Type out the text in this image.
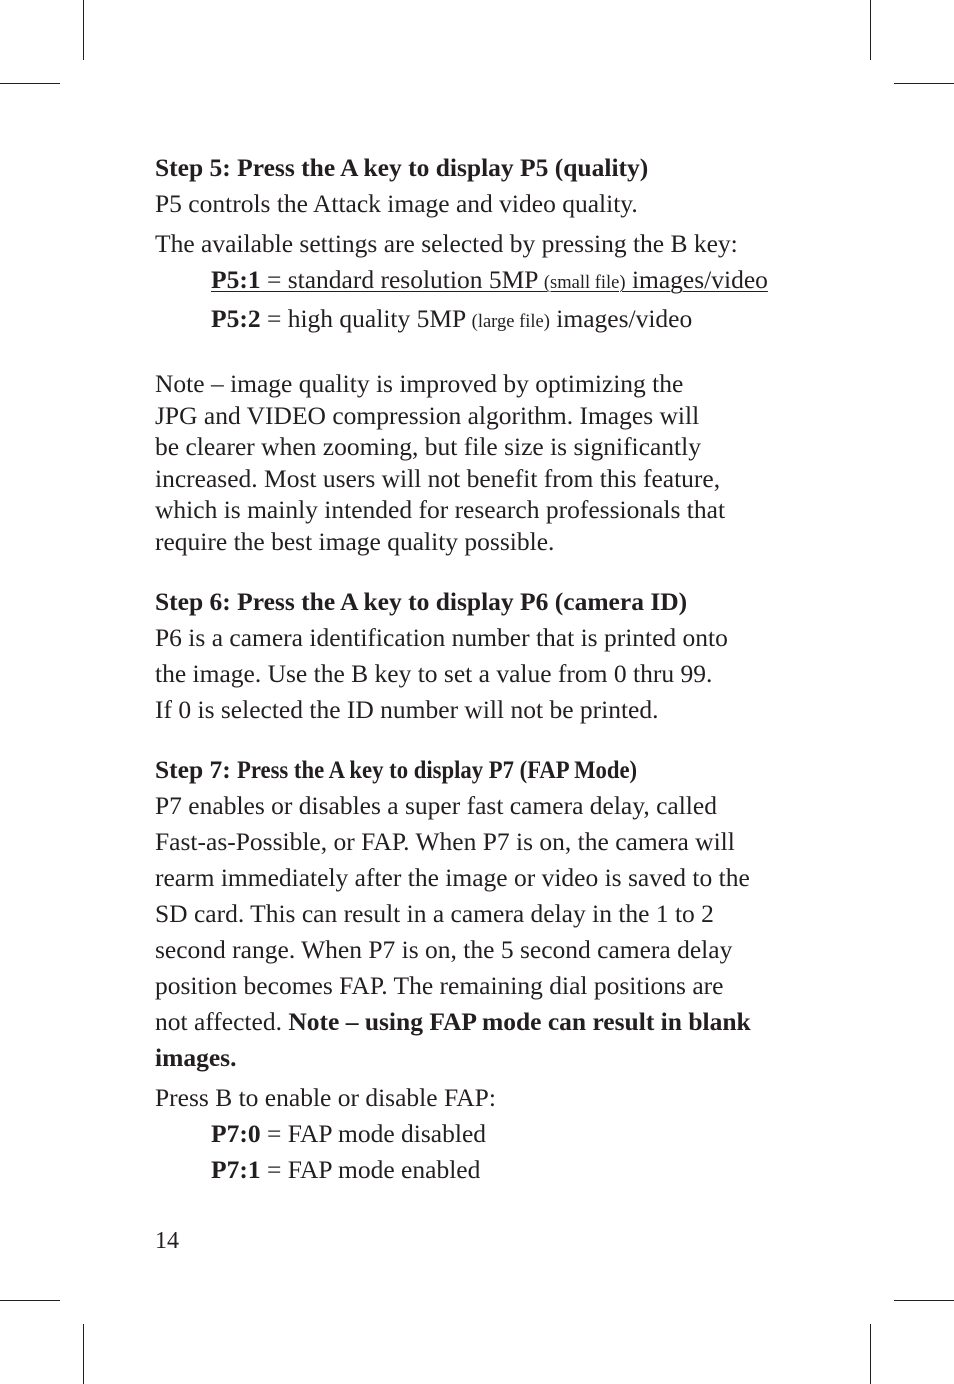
Step 5: Press the A key to display P5 (quality)

P5 controls the Attack image and video quality.

The available settings are selected by pressing the B key:

P5:1 = standard resolution 5MP (small file) images/video

P5:2 = high quality 5MP (large file) images/video

Note – image quality is improved by optimizing the

JPG and VIDEO compression algorithm. Images will

be clearer when zooming, but file size is significantly

increased. Most users will not benefit from this feature,

which is mainly intended for research professionals that

require the best image quality possible.

Step 6: Press the A key to display P6 (camera ID)

P6 is a camera identification number that is printed onto

the image. Use the B key to set a value from 0 thru 99.

If 0 is selected the ID number will not be printed.

Step 7: Press the A key to display P7 (FAP Mode)

P7 enables or disables a super fast camera delay, called

Fast-as-Possible, or FAP. When P7 is on, the camera will

rearm immediately after the image or video is saved to the

SD card. This can result in a camera delay in the 1 to 2

second range. When P7 is on, the 5 second camera delay

position becomes FAP. The remaining dial positions are

not affected. Note – using FAP mode can result in blank

images.

Press B to enable or disable FAP:

P7:0 = FAP mode disabled

P7:1 = FAP mode enabled

14
